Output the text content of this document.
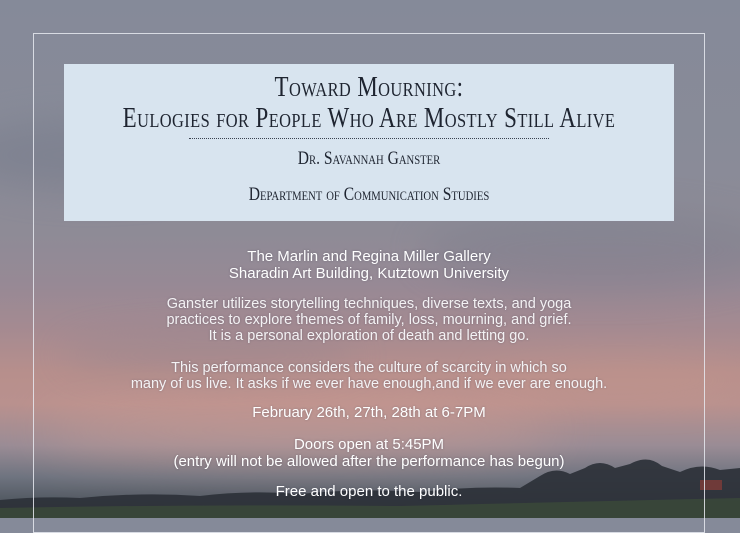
Toward Mourning:
Eulogies for People Who Are Mostly Still Alive
Dr. Savannah Ganster
Department of Communication Studies
The Marlin and Regina Miller Gallery
Sharadin Art Building, Kutztown University
Ganster utilizes storytelling techniques, diverse texts, and yoga
practices to explore themes of family, loss, mourning, and grief.
It is a personal exploration of death and letting go.
This performance considers the culture of scarcity in which so
many of us live. It asks if we ever have enough,and if we ever are enough.
February 26th, 27th, 28th at 6-7PM
Doors open at 5:45PM
(entry will not be allowed after the performance has begun)
Free and open to the public.
